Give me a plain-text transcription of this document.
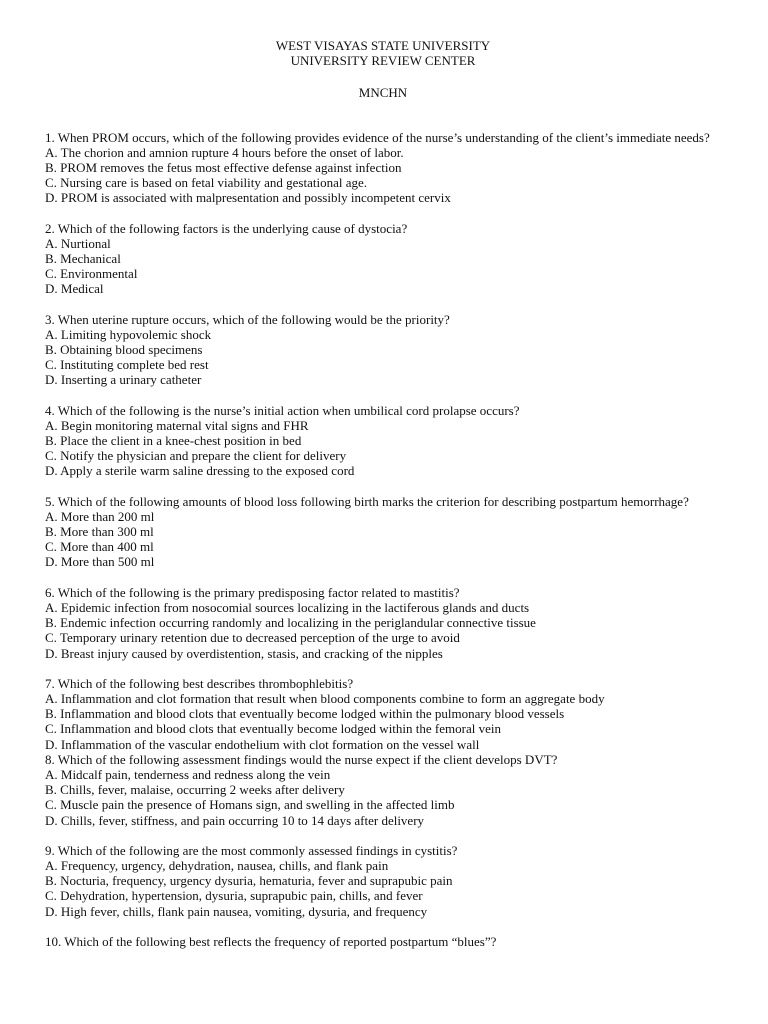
WEST VISAYAS STATE UNIVERSITY
UNIVERSITY REVIEW CENTER
MNCHN
1. When PROM occurs, which of the following provides evidence of the nurse’s understanding of the client’s immediate needs?
A. The chorion and amnion rupture 4 hours before the onset of labor.
B. PROM removes the fetus most effective defense against infection
C. Nursing care is based on fetal viability and gestational age.
D. PROM is associated with malpresentation and possibly incompetent cervix
2. Which of the following factors is the underlying cause of dystocia?
A. Nurtional
B. Mechanical
C. Environmental
D. Medical
3. When uterine rupture occurs, which of the following would be the priority?
A. Limiting hypovolemic shock
B. Obtaining blood specimens
C. Instituting complete bed rest
D. Inserting a urinary catheter
4. Which of the following is the nurse’s initial action when umbilical cord prolapse occurs?
A. Begin monitoring maternal vital signs and FHR
B. Place the client in a knee-chest position in bed
C. Notify the physician and prepare the client for delivery
D. Apply a sterile warm saline dressing to the exposed cord
5. Which of the following amounts of blood loss following birth marks the criterion for describing postpartum hemorrhage?
A. More than 200 ml
B. More than 300 ml
C. More than 400 ml
D. More than 500 ml
6. Which of the following is the primary predisposing factor related to mastitis?
A. Epidemic infection from nosocomial sources localizing in the lactiferous glands and ducts
B. Endemic infection occurring randomly and localizing in the periglandular connective tissue
C. Temporary urinary retention due to decreased perception of the urge to avoid
D. Breast injury caused by overdistention, stasis, and cracking of the nipples
7. Which of the following best describes thrombophlebitis?
A. Inflammation and clot formation that result when blood components combine to form an aggregate body
B. Inflammation and blood clots that eventually become lodged within the pulmonary blood vessels
C. Inflammation and blood clots that eventually become lodged within the femoral vein
D. Inflammation of the vascular endothelium with clot formation on the vessel wall
8. Which of the following assessment findings would the nurse expect if the client develops DVT?
A. Midcalf pain, tenderness and redness along the vein
B. Chills, fever, malaise, occurring 2 weeks after delivery
C. Muscle pain the presence of Homans sign, and swelling in the affected limb
D. Chills, fever, stiffness, and pain occurring 10 to 14 days after delivery
9. Which of the following are the most commonly assessed findings in cystitis?
A. Frequency, urgency, dehydration, nausea, chills, and flank pain
B. Nocturia, frequency, urgency dysuria, hematuria, fever and suprapubic pain
C. Dehydration, hypertension, dysuria, suprapubic pain, chills, and fever
D. High fever, chills, flank pain nausea, vomiting, dysuria, and frequency
10. Which of the following best reflects the frequency of reported postpartum “blues”?
